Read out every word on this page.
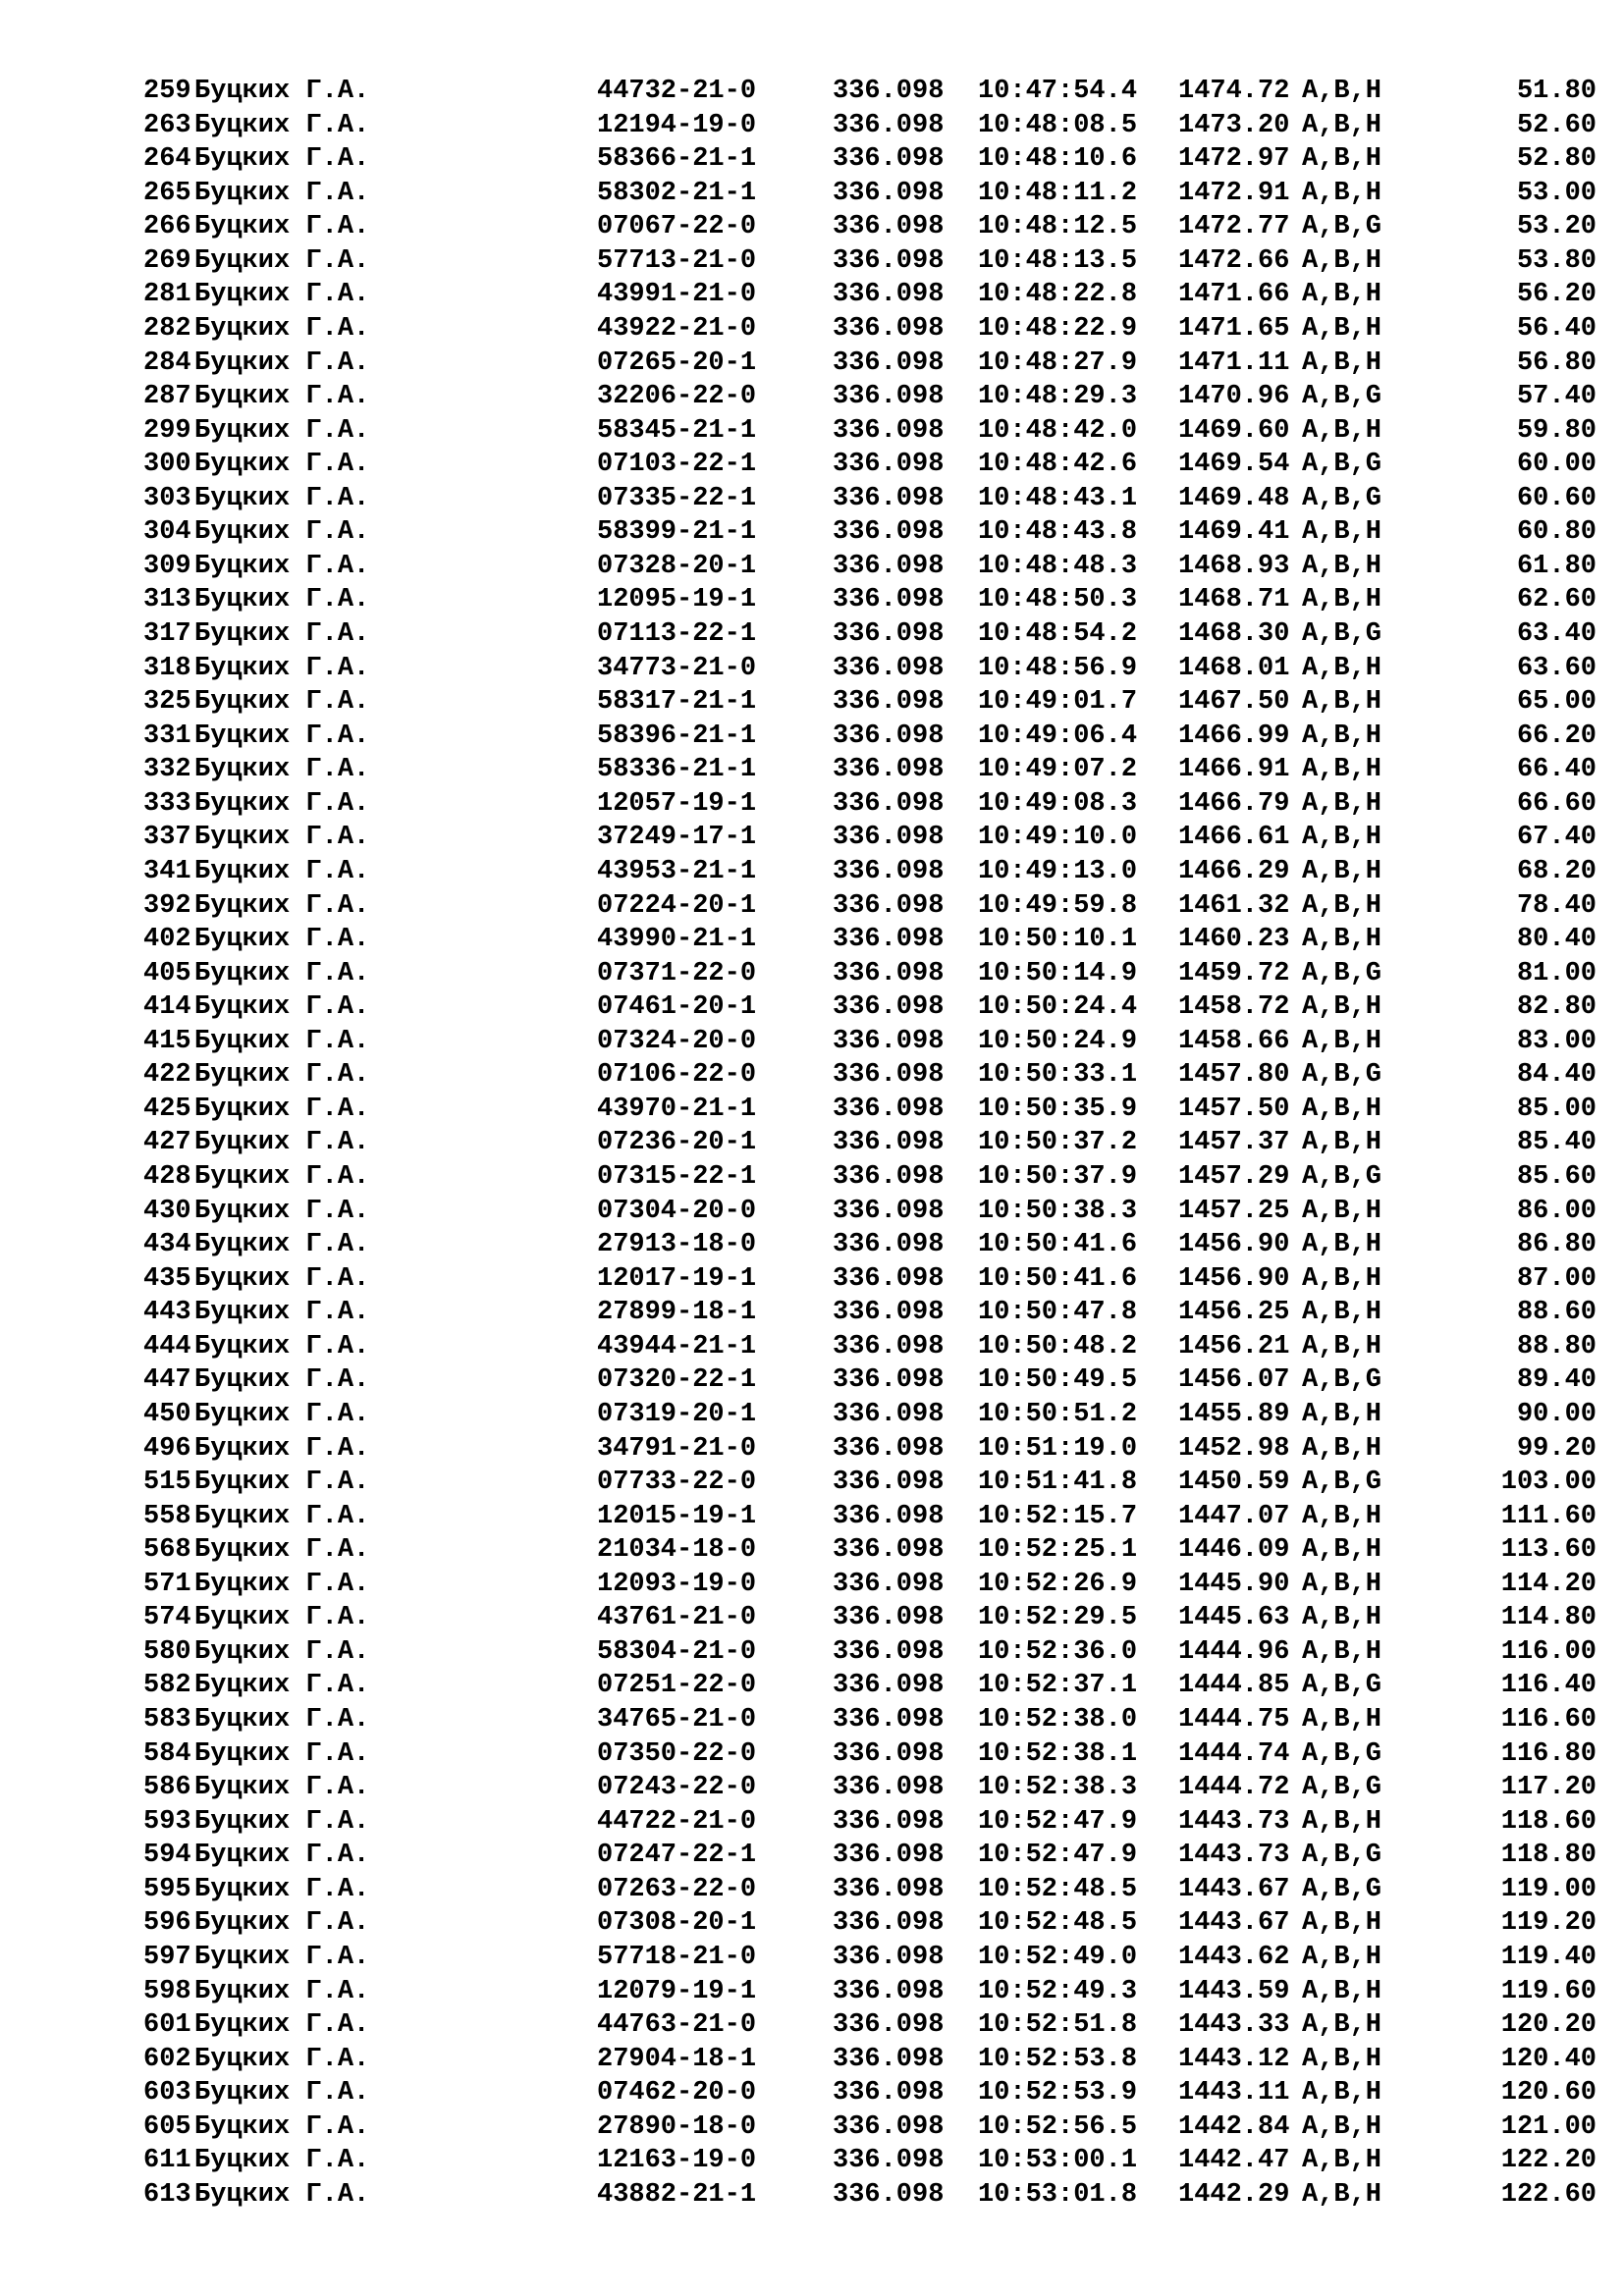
259 Буцких Г.А.	44732-21-0	336.098 10:47:54.4 1474.72 A,B,H	51.80
263 Буцких Г.А.	12194-19-0	336.098 10:48:08.5 1473.20 A,B,H	52.60
264 Буцких Г.А.	58366-21-1	336.098 10:48:10.6 1472.97 A,B,H	52.80
265 Буцких Г.А.	58302-21-1	336.098 10:48:11.2 1472.91 A,B,H	53.00
266 Буцких Г.А.	07067-22-0	336.098 10:48:12.5 1472.77 A,B,G	53.20
269 Буцких Г.А.	57713-21-0	336.098 10:48:13.5 1472.66 A,B,H	53.80
281 Буцких Г.А.	43991-21-0	336.098 10:48:22.8 1471.66 A,B,H	56.20
282 Буцких Г.А.	43922-21-0	336.098 10:48:22.9 1471.65 A,B,H	56.40
284 Буцких Г.А.	07265-20-1	336.098 10:48:27.9 1471.11 A,B,H	56.80
287 Буцких Г.А.	32206-22-0	336.098 10:48:29.3 1470.96 A,B,G	57.40
299 Буцких Г.А.	58345-21-1	336.098 10:48:42.0 1469.60 A,B,H	59.80
300 Буцких Г.А.	07103-22-1	336.098 10:48:42.6 1469.54 A,B,G	60.00
303 Буцких Г.А.	07335-22-1	336.098 10:48:43.1 1469.48 A,B,G	60.60
304 Буцких Г.А.	58399-21-1	336.098 10:48:43.8 1469.41 A,B,H	60.80
309 Буцких Г.А.	07328-20-1	336.098 10:48:48.3 1468.93 A,B,H	61.80
313 Буцких Г.А.	12095-19-1	336.098 10:48:50.3 1468.71 A,B,H	62.60
317 Буцких Г.А.	07113-22-1	336.098 10:48:54.2 1468.30 A,B,G	63.40
318 Буцких Г.А.	34773-21-0	336.098 10:48:56.9 1468.01 A,B,H	63.60
325 Буцких Г.А.	58317-21-1	336.098 10:49:01.7 1467.50 A,B,H	65.00
331 Буцких Г.А.	58396-21-1	336.098 10:49:06.4 1466.99 A,B,H	66.20
332 Буцких Г.А.	58336-21-1	336.098 10:49:07.2 1466.91 A,B,H	66.40
333 Буцких Г.А.	12057-19-1	336.098 10:49:08.3 1466.79 A,B,H	66.60
337 Буцких Г.А.	37249-17-1	336.098 10:49:10.0 1466.61 A,B,H	67.40
341 Буцких Г.А.	43953-21-1	336.098 10:49:13.0 1466.29 A,B,H	68.20
392 Буцких Г.А.	07224-20-1	336.098 10:49:59.8 1461.32 A,B,H	78.40
402 Буцких Г.А.	43990-21-1	336.098 10:50:10.1 1460.23 A,B,H	80.40
405 Буцких Г.А.	07371-22-0	336.098 10:50:14.9 1459.72 A,B,G	81.00
414 Буцких Г.А.	07461-20-1	336.098 10:50:24.4 1458.72 A,B,H	82.80
415 Буцких Г.А.	07324-20-0	336.098 10:50:24.9 1458.66 A,B,H	83.00
422 Буцких Г.А.	07106-22-0	336.098 10:50:33.1 1457.80 A,B,G	84.40
425 Буцких Г.А.	43970-21-1	336.098 10:50:35.9 1457.50 A,B,H	85.00
427 Буцких Г.А.	07236-20-1	336.098 10:50:37.2 1457.37 A,B,H	85.40
428 Буцких Г.А.	07315-22-1	336.098 10:50:37.9 1457.29 A,B,G	85.60
430 Буцких Г.А.	07304-20-0	336.098 10:50:38.3 1457.25 A,B,H	86.00
434 Буцких Г.А.	27913-18-0	336.098 10:50:41.6 1456.90 A,B,H	86.80
435 Буцких Г.А.	12017-19-1	336.098 10:50:41.6 1456.90 A,B,H	87.00
443 Буцких Г.А.	27899-18-1	336.098 10:50:47.8 1456.25 A,B,H	88.60
444 Буцких Г.А.	43944-21-1	336.098 10:50:48.2 1456.21 A,B,H	88.80
447 Буцких Г.А.	07320-22-1	336.098 10:50:49.5 1456.07 A,B,G	89.40
450 Буцких Г.А.	07319-20-1	336.098 10:50:51.2 1455.89 A,B,H	90.00
496 Буцких Г.А.	34791-21-0	336.098 10:51:19.0 1452.98 A,B,H	99.20
515 Буцких Г.А.	07733-22-0	336.098 10:51:41.8 1450.59 A,B,G	103.00
558 Буцких Г.А.	12015-19-1	336.098 10:52:15.7 1447.07 A,B,H	111.60
568 Буцких Г.А.	21034-18-0	336.098 10:52:25.1 1446.09 A,B,H	113.60
571 Буцких Г.А.	12093-19-0	336.098 10:52:26.9 1445.90 A,B,H	114.20
574 Буцких Г.А.	43761-21-0	336.098 10:52:29.5 1445.63 A,B,H	114.80
580 Буцких Г.А.	58304-21-0	336.098 10:52:36.0 1444.96 A,B,H	116.00
582 Буцких Г.А.	07251-22-0	336.098 10:52:37.1 1444.85 A,B,G	116.40
583 Буцких Г.А.	34765-21-0	336.098 10:52:38.0 1444.75 A,B,H	116.60
584 Буцких Г.А.	07350-22-0	336.098 10:52:38.1 1444.74 A,B,G	116.80
586 Буцких Г.А.	07243-22-0	336.098 10:52:38.3 1444.72 A,B,G	117.20
593 Буцких Г.А.	44722-21-0	336.098 10:52:47.9 1443.73 A,B,H	118.60
594 Буцких Г.А.	07247-22-1	336.098 10:52:47.9 1443.73 A,B,G	118.80
595 Буцких Г.А.	07263-22-0	336.098 10:52:48.5 1443.67 A,B,G	119.00
596 Буцких Г.А.	07308-20-1	336.098 10:52:48.5 1443.67 A,B,H	119.20
597 Буцких Г.А.	57718-21-0	336.098 10:52:49.0 1443.62 A,B,H	119.40
598 Буцких Г.А.	12079-19-1	336.098 10:52:49.3 1443.59 A,B,H	119.60
601 Буцких Г.А.	44763-21-0	336.098 10:52:51.8 1443.33 A,B,H	120.20
602 Буцких Г.А.	27904-18-1	336.098 10:52:53.8 1443.12 A,B,H	120.40
603 Буцких Г.А.	07462-20-0	336.098 10:52:53.9 1443.11 A,B,H	120.60
605 Буцких Г.А.	27890-18-0	336.098 10:52:56.5 1442.84 A,B,H	121.00
611 Буцких Г.А.	12163-19-0	336.098 10:53:00.1 1442.47 A,B,H	122.20
613 Буцких Г.А.	43882-21-1	336.098 10:53:01.8 1442.29 A,B,H	122.60
